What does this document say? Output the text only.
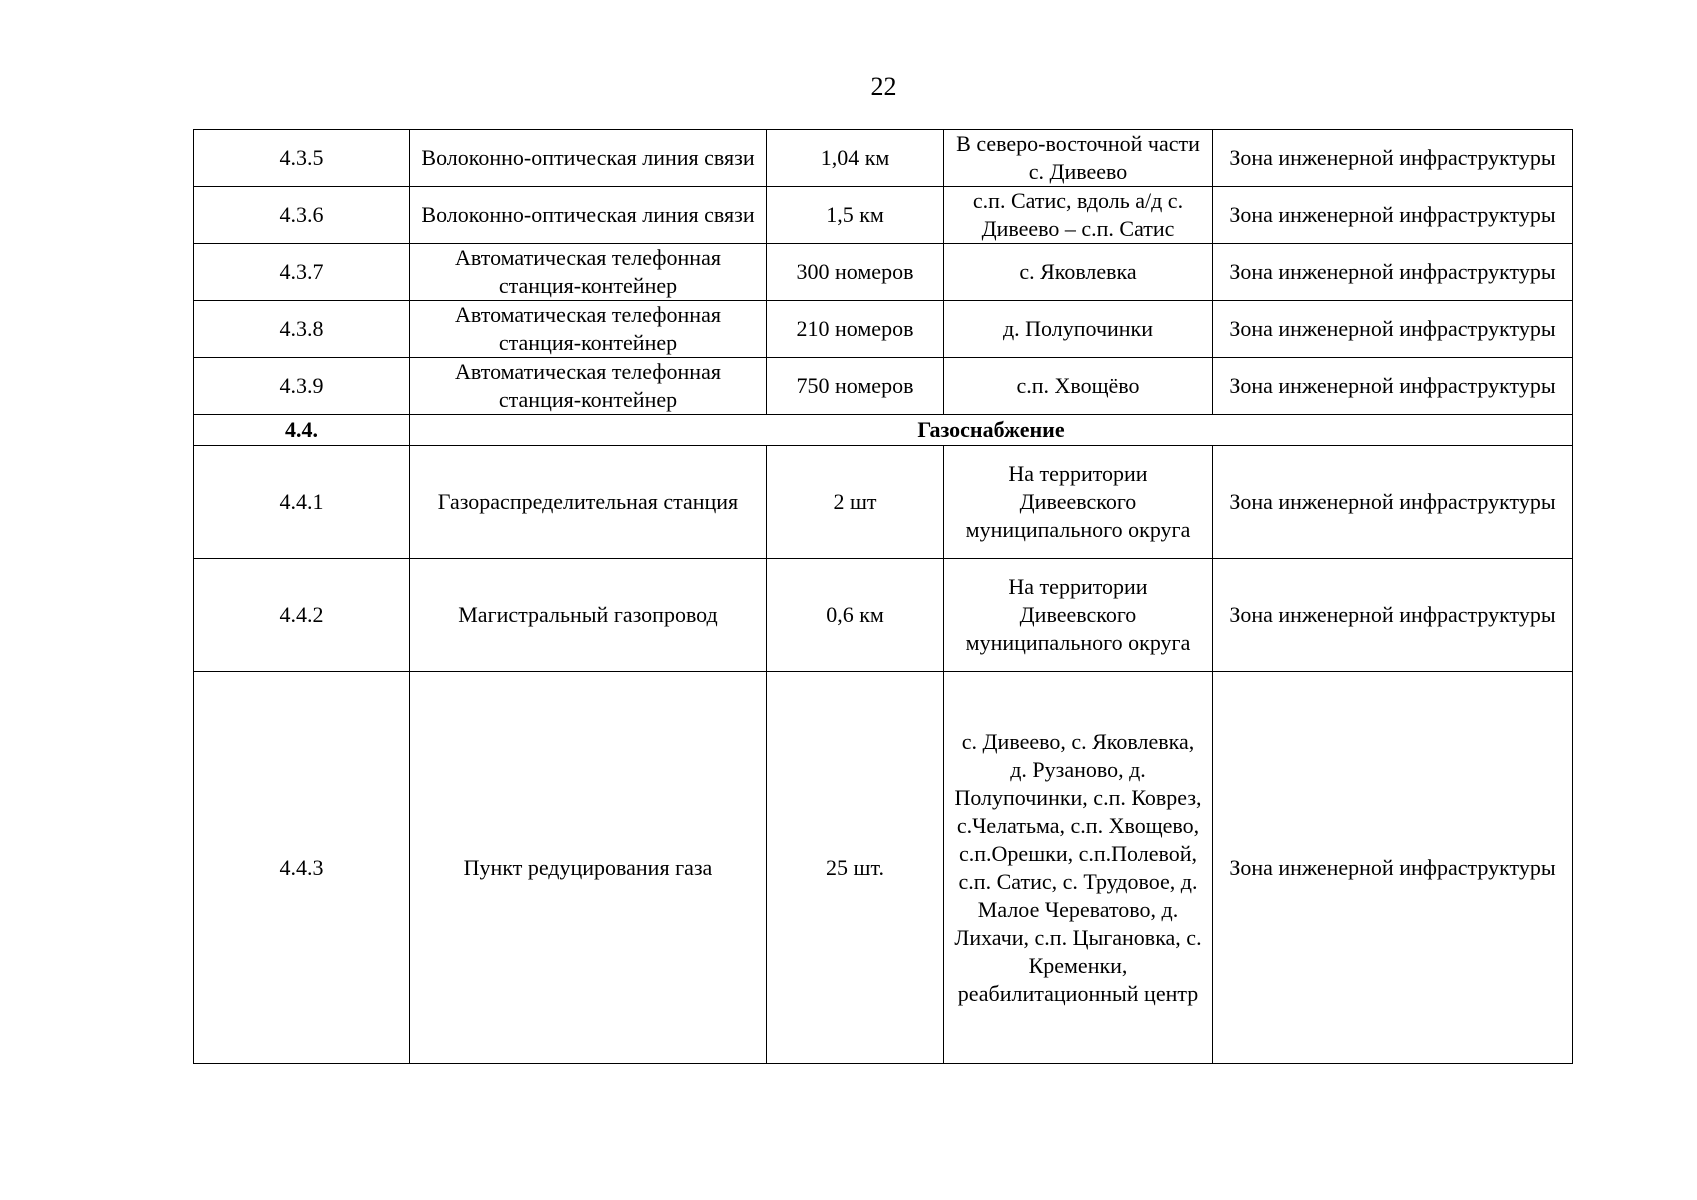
22
4.3.5	Волоконно-оптическая линия связи	1,04 км	В северо-восточной части с. Дивеево	Зона инженерной инфраструктуры
4.3.6	Волоконно-оптическая линия связи	1,5 км	с.п. Сатис, вдоль а/д с. Дивеево – с.п. Сатис	Зона инженерной инфраструктуры
4.3.7	Автоматическая телефонная станция-контейнер	300 номеров	с. Яковлевка	Зона инженерной инфраструктуры
4.3.8	Автоматическая телефонная станция-контейнер	210 номеров	д. Полупочинки	Зона инженерной инфраструктуры
4.3.9	Автоматическая телефонная станция-контейнер	750 номеров	с.п. Хвощёво	Зона инженерной инфраструктуры
4.4.	Газоснабжение			
4.4.1	Газораспределительная станция	2 шт	На территории Дивеевского муниципального округа	Зона инженерной инфраструктуры
4.4.2	Магистральный газопровод	0,6 км	На территории Дивеевского муниципального округа	Зона инженерной инфраструктуры
4.4.3	Пункт редуцирования газа	25 шт.	с. Дивеево, с. Яковлевка, д. Рузаново, д. Полупочинки, с.п. Коврез, с.Челатьма, с.п. Хвощево, с.п.Орешки, с.п.Полевой, с.п. Сатис, с. Трудовое, д. Малое Череватово, д. Лихачи, с.п. Цыгановка, с. Кременки, реабилитационный центр	Зона инженерной инфраструктуры
